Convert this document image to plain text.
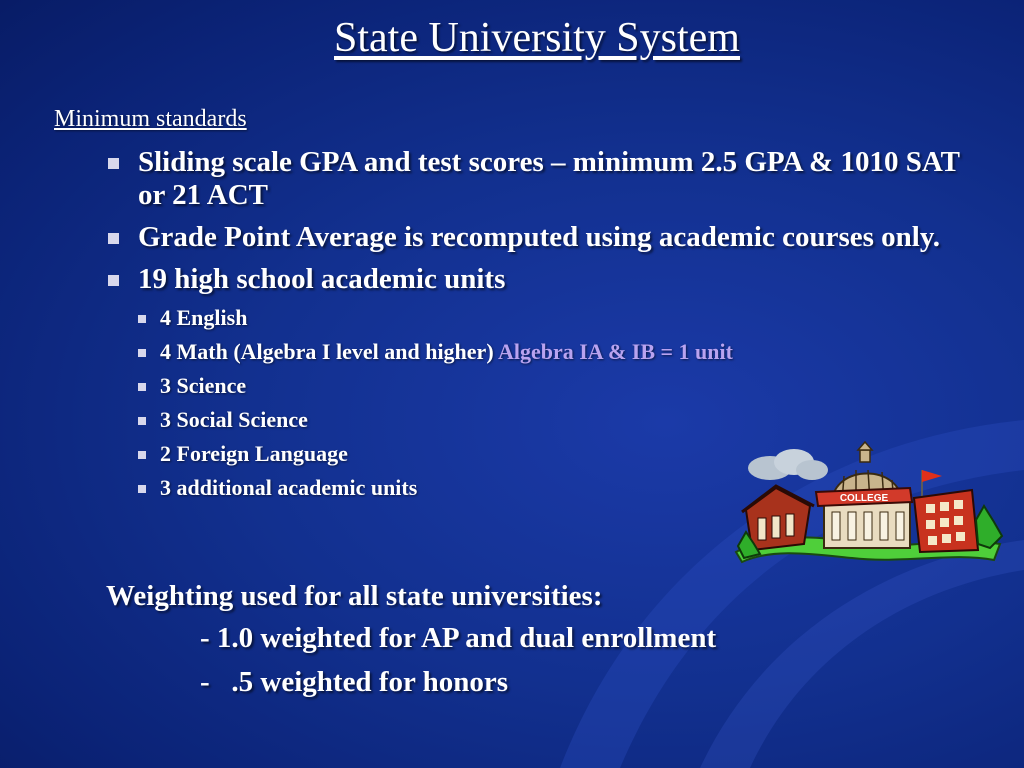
State University System
Minimum standards
Sliding scale GPA and test scores – minimum 2.5 GPA & 1010 SAT or 21 ACT
Grade Point Average is recomputed using academic courses only.
19 high school academic units
4 English
4 Math (Algebra I level and higher) Algebra IA & IB = 1 unit
3 Science
3 Social Science
2 Foreign Language
3 additional academic units
Weighting used for all state universities:
- 1.0 weighted for AP and dual enrollment
-   .5 weighted for honors
COLLEGE
